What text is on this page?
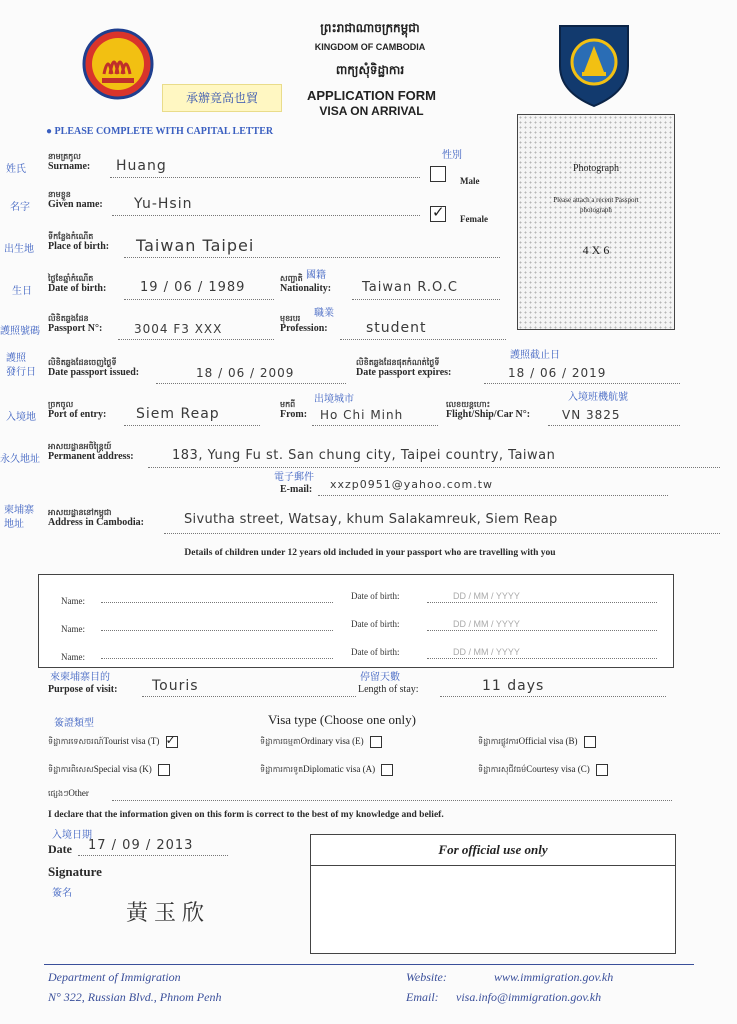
ព្រះរាជាណាចក្រកម្ពុជា
KINGDOM OF CAMBODIA
ពាក្យសុំទិដ្ឋាការ
承辦竟高也貿	APPLICATION FORM
VISA ON ARRIVAL
● PLEASE COMPLETE WITH CAPITAL LETTER
Photograph
Please attach a recent Passport photograph
4 X 6
性別
Male
✓ Female
姓氏
នាមត្រកូល
Surname: Huang
名字
នាមខ្លួន
Given name: Yu-Hsin
出生地
ទីកន្លែងកំណើត
Place of birth: Taiwan Taipei
生日
ថ្ងៃខែឆ្នាំកំណើត
Date of birth:	19 / 06 / 1989
國籍
សញ្ជាតិ
Nationality: Taiwan R.O.C
護照號碼
លិខិតឆ្លងដែន
Passport N°:	3004 F3 XXX
職業
មុខរបរ
Profession:	student
護照 發行日
លិខិតឆ្លងដែនចេញថ្ងៃទី
Date passport issued:	18 / 06 / 2009
護照截止日
លិខិតឆ្លងដែនផុតកំណត់ថ្ងៃទី
Date passport expires:	18 / 06 / 2019
入境地
ច្រកចូល
Port of entry: Siem Reap
出境城市
មកពី
From: Ho Chi Minh
入境班機航號
លេខយន្តហោះ
Flight/Ship/Car N°:	VN 3825
永久地址
អាសយដ្ឋានអចិន្ត្រៃយ៍
Permanent address:	183, Yung Fu st. San chung city, Taipei country, Taiwan
電子郵件
E-mail: xxzp0951@yahoo.com.tw
柬埔寨地址
អាសយដ្ឋាននៅកម្ពុជា
Address in Cambodia:	Sivutha street, Watsay, khum Salakamreuk, Siem Reap
Details of children under 12 years old included in your passport who are travelling with you
Name:	Date of birth:	DD / MM / YYYY
Name:	Date of birth:	DD / MM / YYYY
Name:	Date of birth:	DD / MM / YYYY
來柬埔寨目的
Purpose of visit: Touris
停留天數
Length of stay:	11 days
簽證類型	Visa type (Choose one only)
ទិដ្ឋាការទេសចរណ៍Tourist visa (T) ✓	ទិដ្ឋាការធម្មតាOrdinary visa (E)	ទិដ្ឋាការផ្លូវការOfficial visa (B)
ទិដ្ឋាការពិសេសSpecial visa (K)	ទិដ្ឋាការការទូតDiplomatic visa (A)	ទិដ្ឋាការសុជីវធម៌Courtesy visa (C)
ផ្សេងៗOther
I declare that the information given on this form is correct to the best of my knowledge and belief.
入境日期
Date 17 / 09 / 2013
Signature
簽名
黃玉欣
For official use only
Department of Immigration
N° 322, Russian Blvd., Phnom Penh
Website:	www.immigration.gov.kh
Email: visa.info@immigration.gov.kh
